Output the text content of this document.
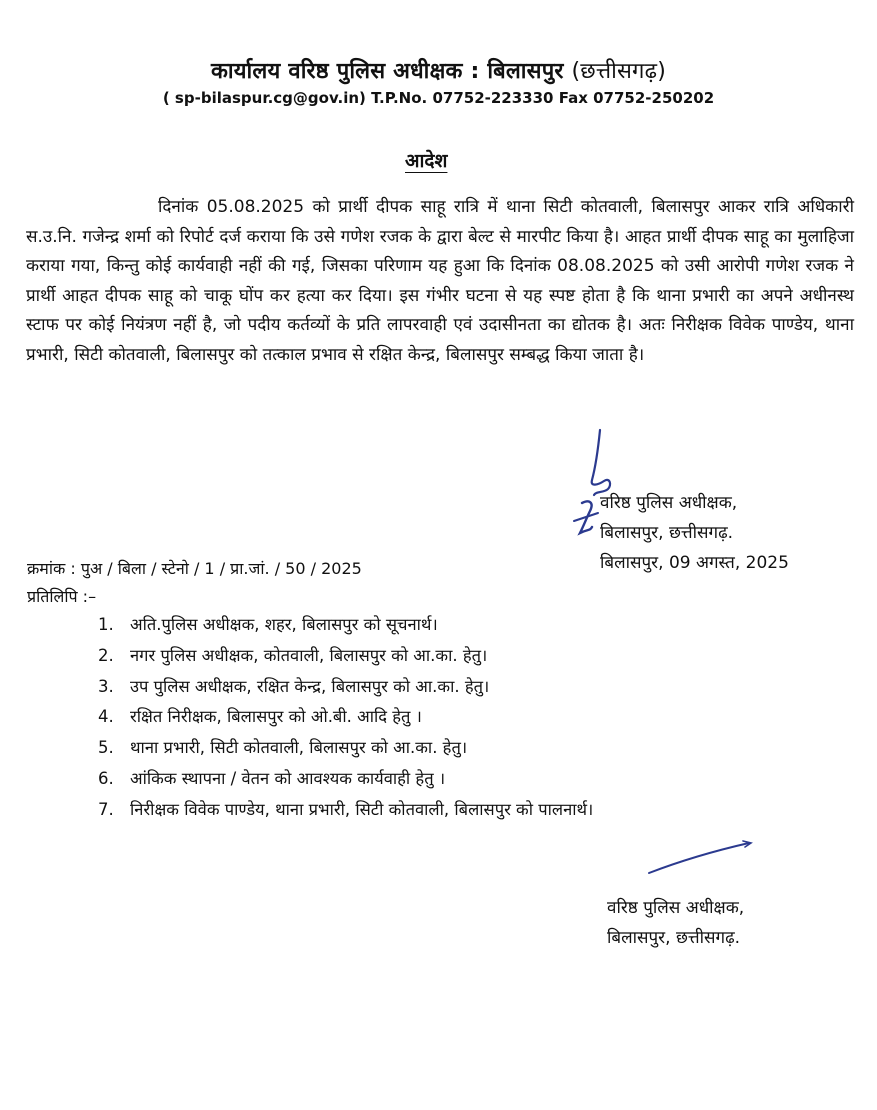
कार्यालय वरिष्ठ पुलिस अधीक्षक : बिलासपुर (छत्तीसगढ़)
( sp-bilaspur.cg@gov.in) T.P.No. 07752-223330 Fax 07752-250202
आदेश
दिनांक 05.08.2025 को प्रार्थी दीपक साहू रात्रि में थाना सिटी कोतवाली, बिलासपुर आकर रात्रि अधिकारी स.उ.नि. गजेन्द्र शर्मा को रिपोर्ट दर्ज कराया कि उसे गणेश रजक के द्वारा बेल्ट से मारपीट किया है। आहत प्रार्थी दीपक साहू का मुलाहिजा कराया गया, किन्तु कोई कार्यवाही नहीं की गई, जिसका परिणाम यह हुआ कि दिनांक 08.08.2025 को उसी आरोपी गणेश रजक ने प्रार्थी आहत दीपक साहू को चाकू घोंप कर हत्या कर दिया। इस गंभीर घटना से यह स्पष्ट होता है कि थाना प्रभारी का अपने अधीनस्थ स्टाफ पर कोई नियंत्रण नहीं है, जो पदीय कर्तव्यों के प्रति लापरवाही एवं उदासीनता का द्योतक है। अतः निरीक्षक विवेक पाण्डेय, थाना प्रभारी, सिटी कोतवाली, बिलासपुर को तत्काल प्रभाव से रक्षित केन्द्र, बिलासपुर सम्बद्ध किया जाता है।
वरिष्ठ पुलिस अधीक्षक,
बिलासपुर, छत्तीसगढ़.
बिलासपुर, 09 अगस्त, 2025
क्रमांक : पुअ / बिला / स्टेनो / 1 / प्रा.जां. / 50 / 2025
प्रतिलिपि :–
1. अति.पुलिस अधीक्षक, शहर, बिलासपुर को सूचनार्थ।
2. नगर पुलिस अधीक्षक, कोतवाली, बिलासपुर को आ.का. हेतु।
3. उप पुलिस अधीक्षक, रक्षित केन्द्र, बिलासपुर को आ.का. हेतु।
4. रक्षित निरीक्षक, बिलासपुर को ओ.बी. आदि हेतु ।
5. थाना प्रभारी, सिटी कोतवाली, बिलासपुर को आ.का. हेतु।
6. आंकिक स्थापना / वेतन को आवश्यक कार्यवाही हेतु ।
7. निरीक्षक विवेक पाण्डेय, थाना प्रभारी, सिटी कोतवाली, बिलासपुर को पालनार्थ।
वरिष्ठ पुलिस अधीक्षक,
बिलासपुर, छत्तीसगढ़.
